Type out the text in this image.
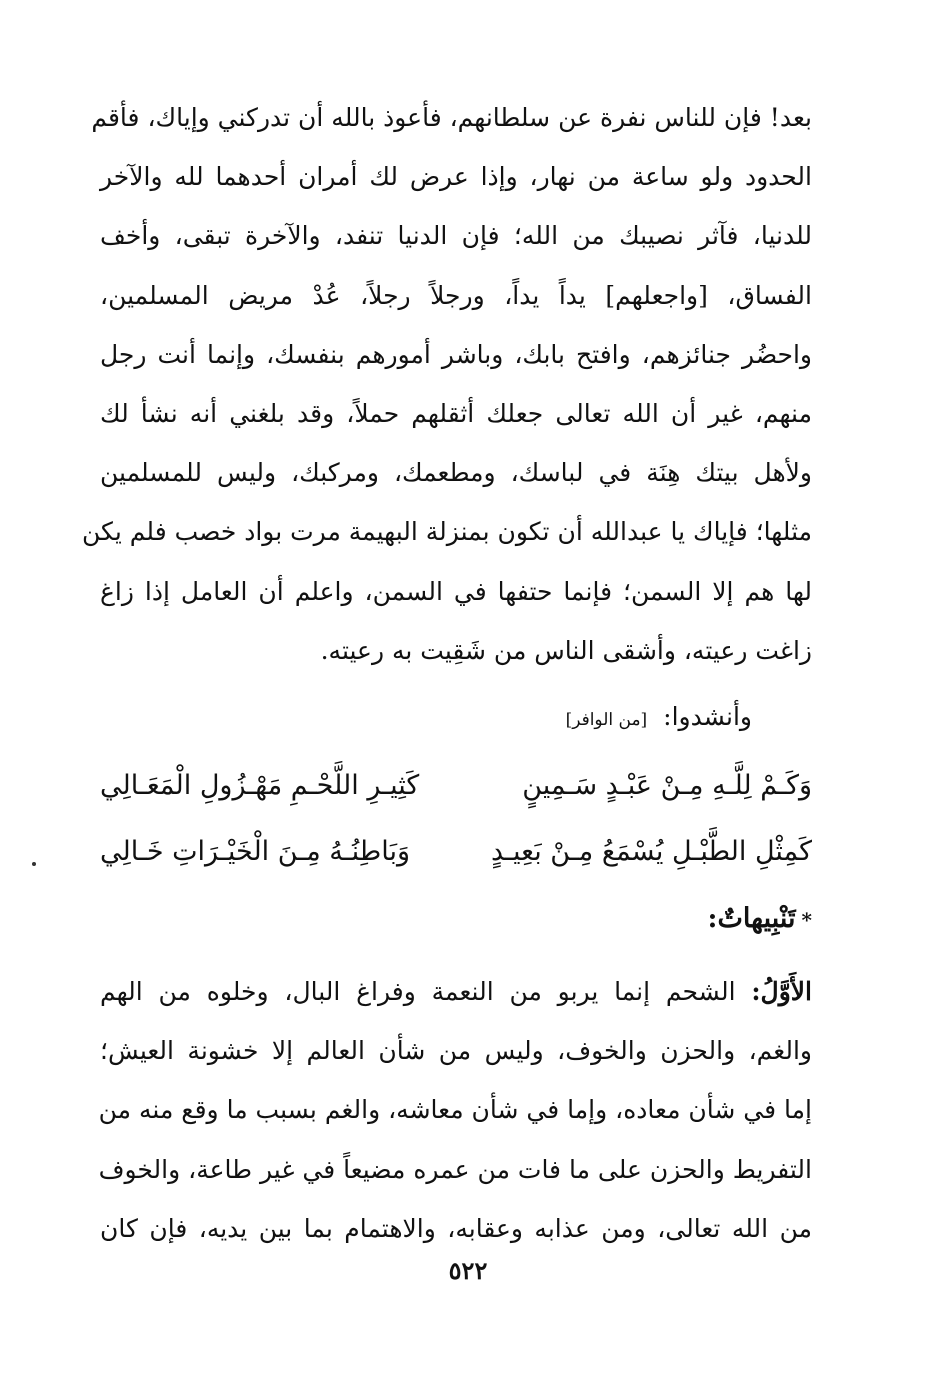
بعد! فإن للناس نفرة عن سلطانهم، فأعوذ بالله أن تدركني وإياك، فأقم
الحدود ولو ساعة من نهار، وإذا عرض لك أمران أحدهما لله والآخر
للدنيا، فآثر نصيبك من الله؛ فإن الدنيا تنفد، والآخرة تبقى، وأخف
الفساق، [واجعلهم] يداً يداً، ورجلاً رجلاً، عُدْ مريض المسلمين،
واحضُر جنائزهم، وافتح بابك، وباشر أمورهم بنفسك، وإنما أنت رجل
منهم، غير أن الله تعالى جعلك أثقلهم حملاً، وقد بلغني أنه نشأ لك
ولأهل بيتك هِنَة في لباسك، ومطعمك، ومركبك، وليس للمسلمين
مثلها؛ فإياك يا عبدالله أن تكون بمنزلة البهيمة مرت بواد خصب فلم يكن
لها هم إلا السمن؛ فإنما حتفها في السمن، واعلم أن العامل إذا زاغ
زاغت رعيته، وأشقى الناس من شَقِيت به رعيته.
وأنشدوا: [من الوافر]
وَكَـمْ لِلَّـهِ مِـنْ عَبْـدٍ سَـمِينٍ
كَثِيـرِ اللَّحْـمِ مَهْـزُولِ الْمَعَـالِي
كَمِثْلِ الطَّبْـلِ يُسْمَعُ مِـنْ بَعِيـدٍ
وَبَاطِنُـهُ مِـنَ الْخَيْـرَاتِ خَـالِي
*تَنْبِيهاتٌ:
الأَوَّلُ: الشحم إنما يربو من النعمة وفراغ البال، وخلوه من الهم
والغم، والحزن والخوف، وليس من شأن العالم إلا خشونة العيش؛
إما في شأن معاده، وإما في شأن معاشه، والغم بسبب ما وقع منه من
التفريط والحزن على ما فات من عمره مضيعاً في غير طاعة، والخوف
من الله تعالى، ومن عذابه وعقابه، والاهتمام بما بين يديه، فإن كان
٥٢٢
